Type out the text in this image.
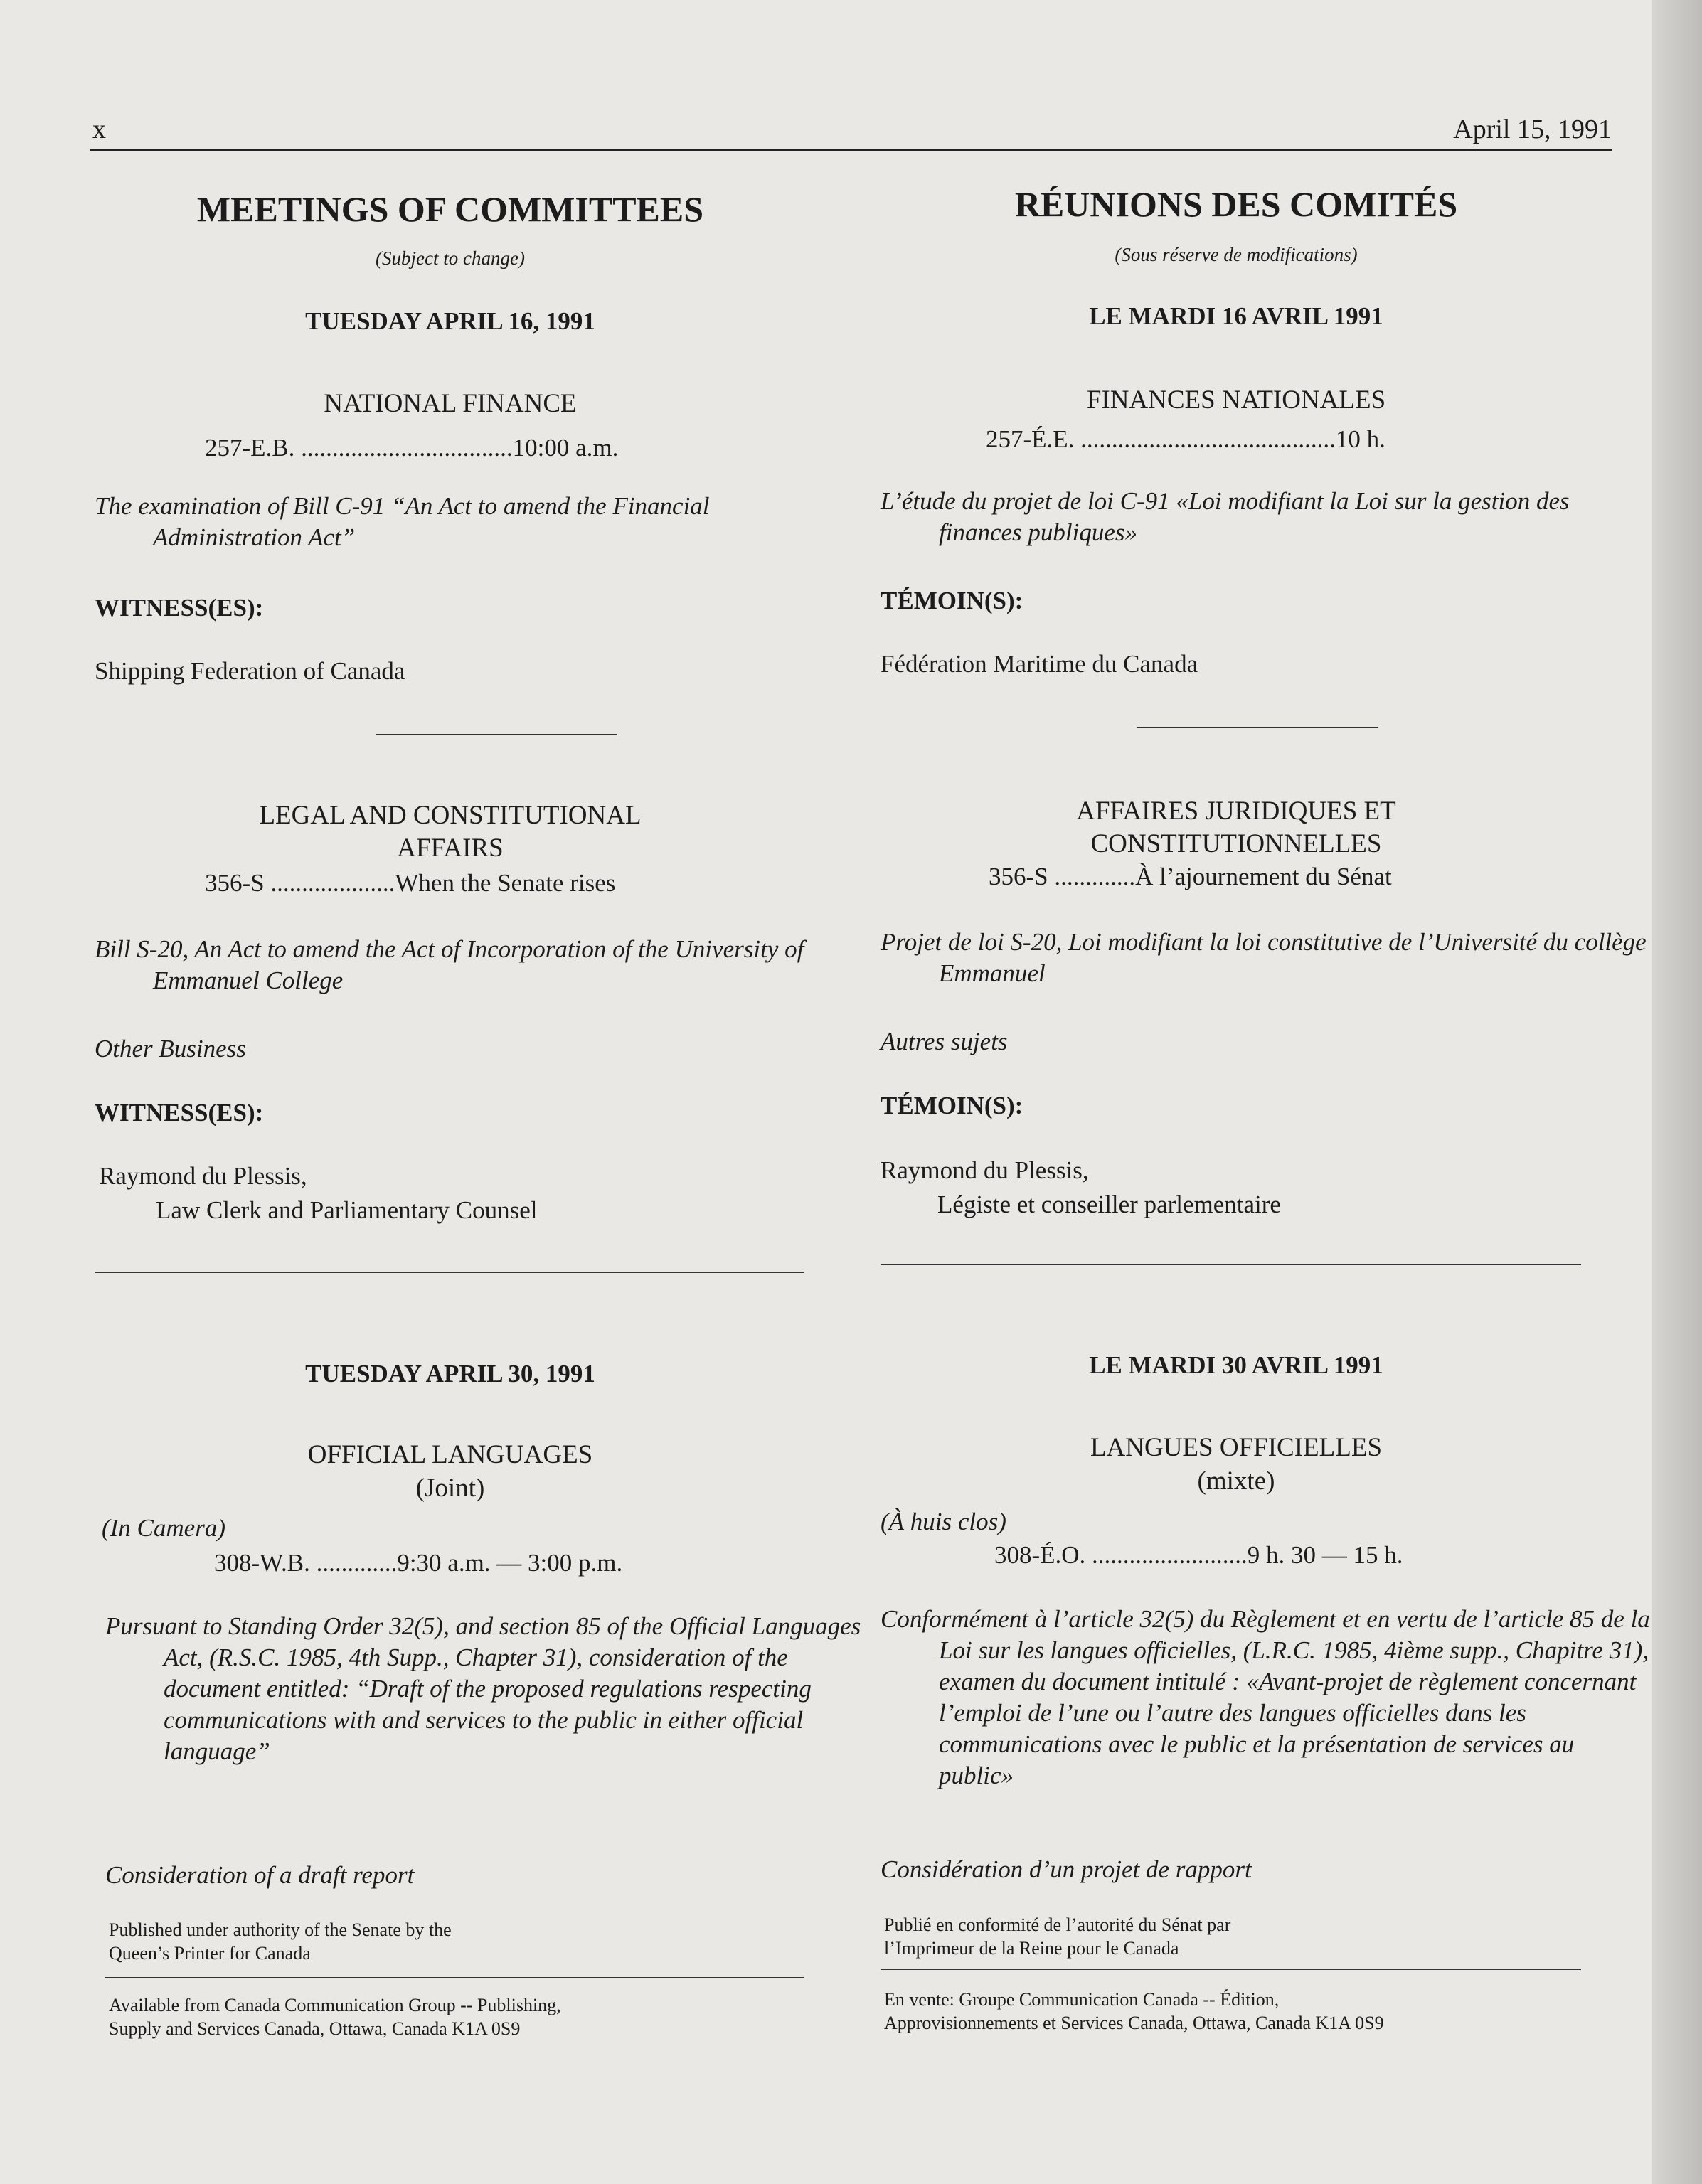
x	April 15, 1991
MEETINGS OF COMMITTEES
(Subject to change)
TUESDAY APRIL 16, 1991
NATIONAL FINANCE
257-E.B. ..................................10:00 a.m.
The examination of Bill C-91 “An Act to amend the Financial Administration Act”
WITNESS(ES):
Shipping Federation of Canada
LEGAL AND CONSTITUTIONAL
AFFAIRS
356-S ....................When the Senate rises
Bill S-20, An Act to amend the Act of Incorporation of the University of Emmanuel College
Other Business
WITNESS(ES):
Raymond du Plessis,
Law Clerk and Parliamentary Counsel
TUESDAY APRIL 30, 1991
OFFICIAL LANGUAGES
(Joint)
(In Camera)
308-W.B. .............9:30 a.m. — 3:00 p.m.
Pursuant to Standing Order 32(5), and section 85 of the Official Languages Act, (R.S.C. 1985, 4th Supp., Chapter 31), consideration of the document entitled: “Draft of the proposed regulations respecting communications with and services to the public in either official language”
Consideration of a draft report
Published under authority of the Senate by the
Queen’s Printer for Canada
Available from Canada Communication Group -- Publishing,
Supply and Services Canada, Ottawa, Canada K1A 0S9
RÉUNIONS DES COMITÉS
(Sous réserve de modifications)
LE MARDI 16 AVRIL 1991
FINANCES NATIONALES
257-É.E. .........................................10 h.
L’étude du projet de loi C-91 «Loi modifiant la Loi sur la gestion des finances publiques»
TÉMOIN(S):
Fédération Maritime du Canada
AFFAIRES JURIDIQUES ET
CONSTITUTIONNELLES
356-S .............À l’ajournement du Sénat
Projet de loi S-20, Loi modifiant la loi constitutive de l’Université du collège Emmanuel
Autres sujets
TÉMOIN(S):
Raymond du Plessis,
Légiste et conseiller parlementaire
LE MARDI 30 AVRIL 1991
LANGUES OFFICIELLES
(mixte)
(À huis clos)
308-É.O. .........................9 h. 30 — 15 h.
Conformément à l’article 32(5) du Règlement et en vertu de l’article 85 de la Loi sur les langues officielles, (L.R.C. 1985, 4ième supp., Chapitre 31), examen du document intitulé : «Avant-projet de règlement concernant l’emploi de l’une ou l’autre des langues officielles dans les communications avec le public et la présentation de services au public»
Considération d’un projet de rapport
Publié en conformité de l’autorité du Sénat par
l’Imprimeur de la Reine pour le Canada
En vente: Groupe Communication Canada -- Édition,
Approvisionnements et Services Canada, Ottawa, Canada K1A 0S9
